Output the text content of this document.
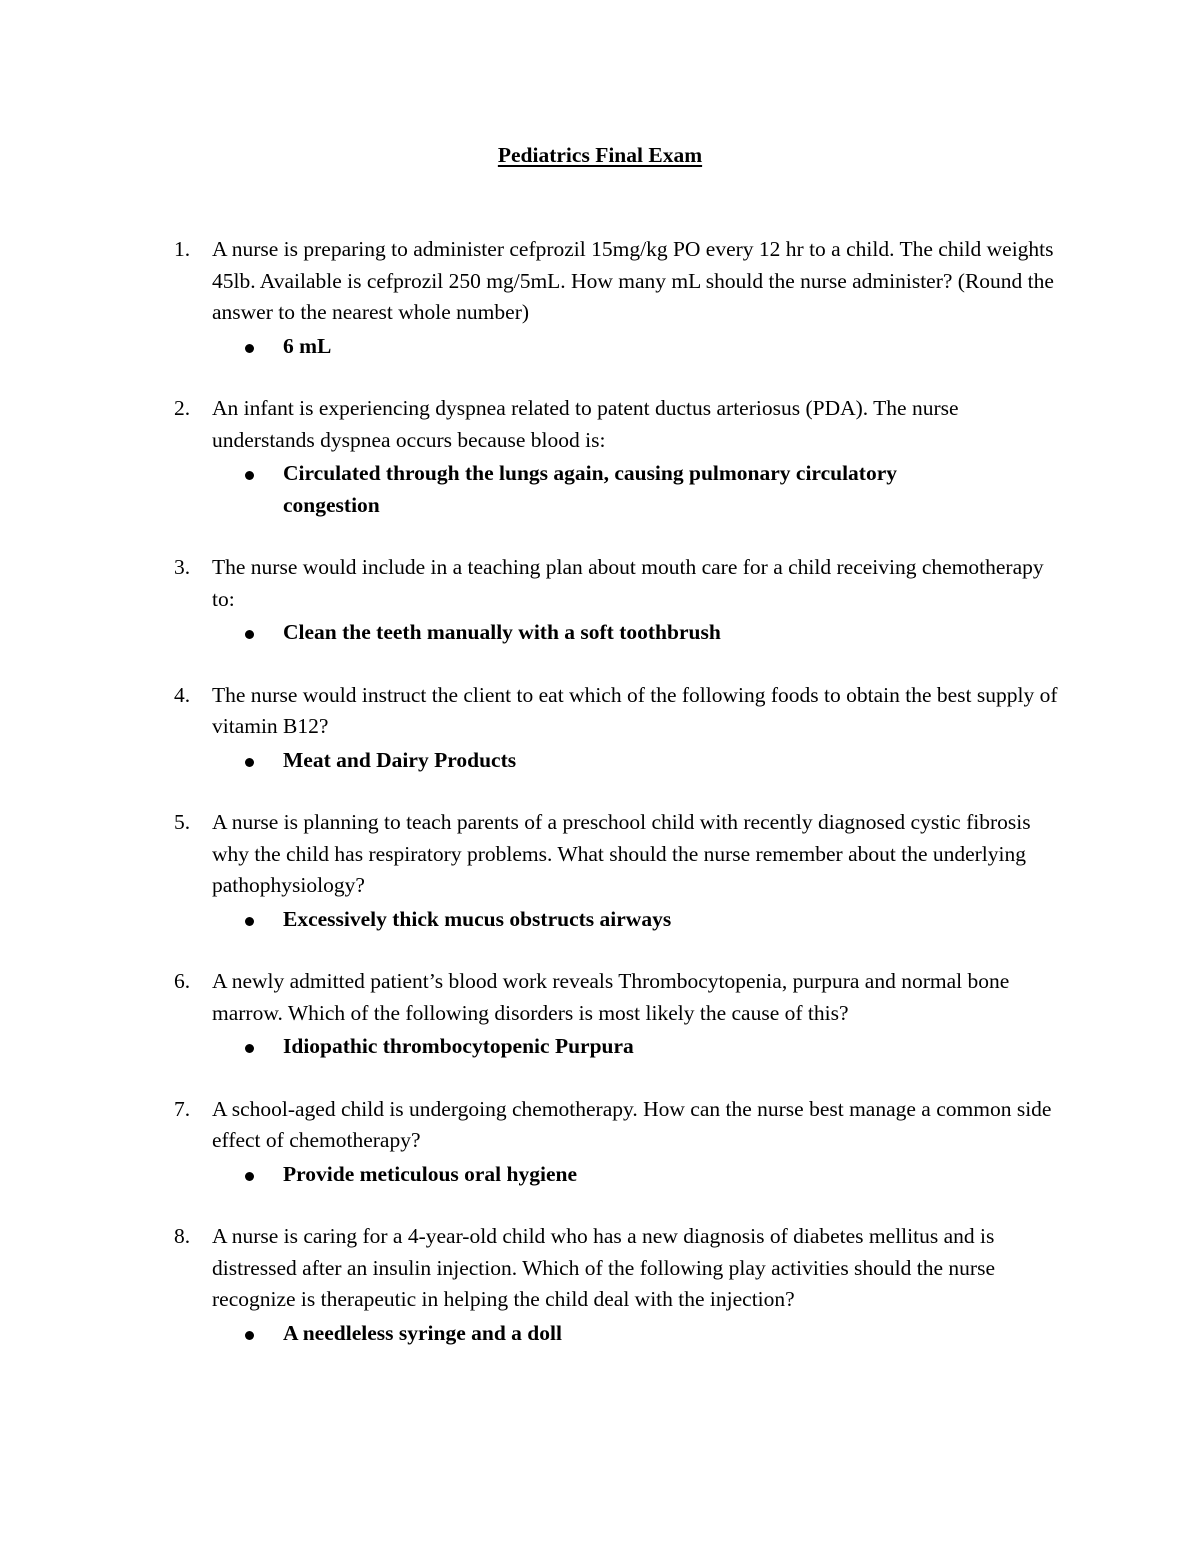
Pediatrics Final Exam
1. A nurse is preparing to administer cefprozil 15mg/kg PO every 12 hr to a child. The child weights 45lb. Available is cefprozil 250 mg/5mL. How many mL should the nurse administer? (Round the answer to the nearest whole number)
6 mL
2. An infant is experiencing dyspnea related to patent ductus arteriosus (PDA). The nurse understands dyspnea occurs because blood is:
Circulated through the lungs again, causing pulmonary circulatory congestion
3. The nurse would include in a teaching plan about mouth care for a child receiving chemotherapy to:
Clean the teeth manually with a soft toothbrush
4. The nurse would instruct the client to eat which of the following foods to obtain the best supply of vitamin B12?
Meat and Dairy Products
5. A nurse is planning to teach parents of a preschool child with recently diagnosed cystic fibrosis why the child has respiratory problems. What should the nurse remember about the underlying pathophysiology?
Excessively thick mucus obstructs airways
6. A newly admitted patient’s blood work reveals Thrombocytopenia, purpura and normal bone marrow. Which of the following disorders is most likely the cause of this?
Idiopathic thrombocytopenic Purpura
7. A school-aged child is undergoing chemotherapy. How can the nurse best manage a common side effect of chemotherapy?
Provide meticulous oral hygiene
8. A nurse is caring for a 4-year-old child who has a new diagnosis of diabetes mellitus and is distressed after an insulin injection. Which of the following play activities should the nurse recognize is therapeutic in helping the child deal with the injection?
A needleless syringe and a doll
